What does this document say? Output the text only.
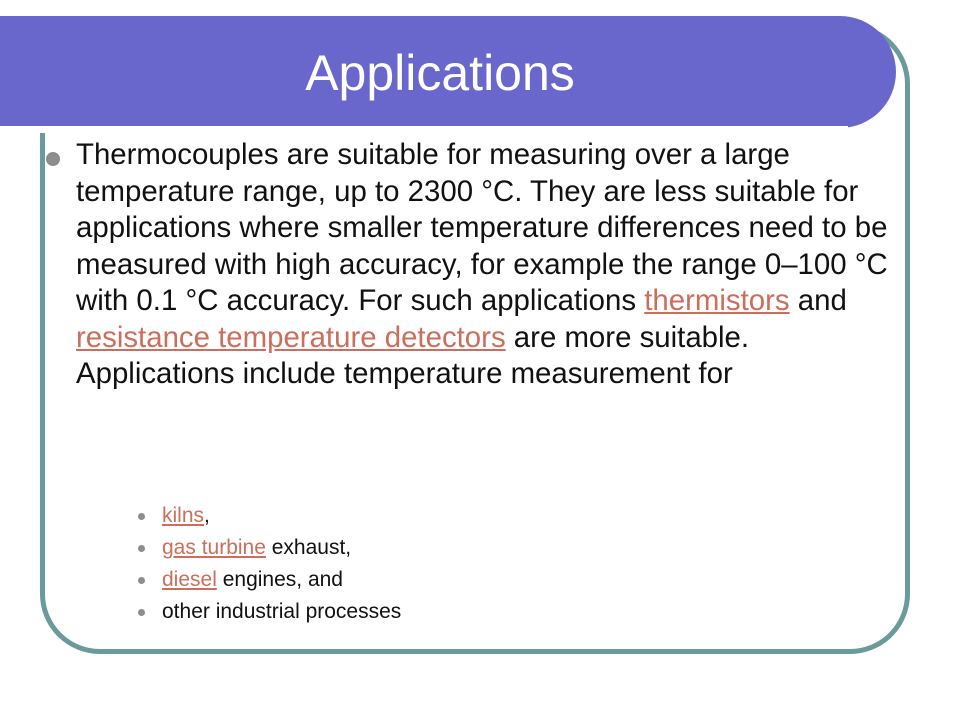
Applications

Thermocouples are suitable for measuring over a large temperature range, up to 2300 °C. They are less suitable for applications where smaller temperature differences need to be measured with high accuracy, for example the range 0–100 °C with 0.1 °C accuracy. For such applications thermistors and resistance temperature detectors are more suitable. Applications include temperature measurement for

kilns,
gas turbine exhaust,
diesel engines, and
other industrial processes
